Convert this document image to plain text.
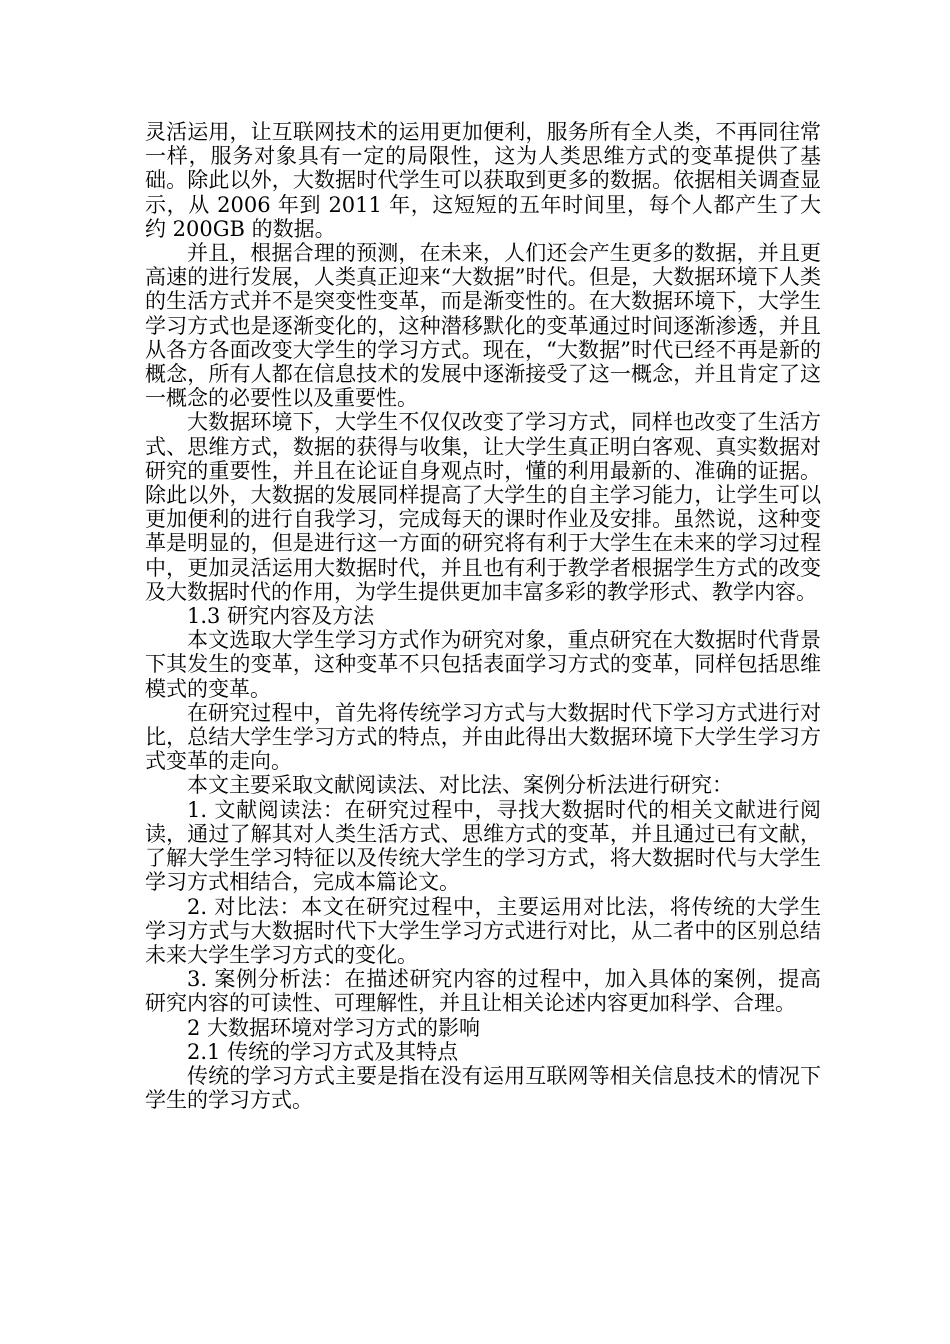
灵活运用，让互联网技术的运用更加便利，服务所有全人类，不再同往常一样，服务对象具有一定的局限性，这为人类思维方式的变革提供了基础。除此以外，大数据时代学生可以获取到更多的数据。依据相关调查显示，从 2006 年到 2011 年，这短短的五年时间里，每个人都产生了大约 200GB 的数据。

并且，根据合理的预测，在未来，人们还会产生更多的数据，并且更高速的进行发展，人类真正迎来“大数据”时代。但是，大数据环境下人类的生活方式并不是突变性变革，而是渐变性的。在大数据环境下，大学生学习方式也是逐渐变化的，这种潜移默化的变革通过时间逐渐渗透，并且从各方各面改变大学生的学习方式。现在，“大数据”时代已经不再是新的概念，所有人都在信息技术的发展中逐渐接受了这一概念，并且肯定了这一概念的必要性以及重要性。

大数据环境下，大学生不仅仅改变了学习方式，同样也改变了生活方式、思维方式，数据的获得与收集，让大学生真正明白客观、真实数据对研究的重要性，并且在论证自身观点时，懂的利用最新的、准确的证据。除此以外，大数据的发展同样提高了大学生的自主学习能力，让学生可以更加便利的进行自我学习，完成每天的课时作业及安排。虽然说，这种变革是明显的，但是进行这一方面的研究将有利于大学生在未来的学习过程中，更加灵活运用大数据时代，并且也有利于教学者根据学生方式的改变及大数据时代的作用，为学生提供更加丰富多彩的教学形式、教学内容。

1.3 研究内容及方法

本文选取大学生学习方式作为研究对象，重点研究在大数据时代背景下其发生的变革，这种变革不只包括表面学习方式的变革，同样包括思维模式的变革。

在研究过程中，首先将传统学习方式与大数据时代下学习方式进行对比，总结大学生学习方式的特点，并由此得出大数据环境下大学生学习方式变革的走向。

本文主要采取文献阅读法、对比法、案例分析法进行研究：

1. 文献阅读法：在研究过程中，寻找大数据时代的相关文献进行阅读，通过了解其对人类生活方式、思维方式的变革，并且通过已有文献，了解大学生学习特征以及传统大学生的学习方式，将大数据时代与大学生学习方式相结合，完成本篇论文。

2. 对比法：本文在研究过程中，主要运用对比法，将传统的大学生学习方式与大数据时代下大学生学习方式进行对比，从二者中的区别总结未来大学生学习方式的变化。

3. 案例分析法：在描述研究内容的过程中，加入具体的案例，提高研究内容的可读性、可理解性，并且让相关论述内容更加科学、合理。

2 大数据环境对学习方式的影响

2.1 传统的学习方式及其特点

传统的学习方式主要是指在没有运用互联网等相关信息技术的情况下学生的学习方式。
